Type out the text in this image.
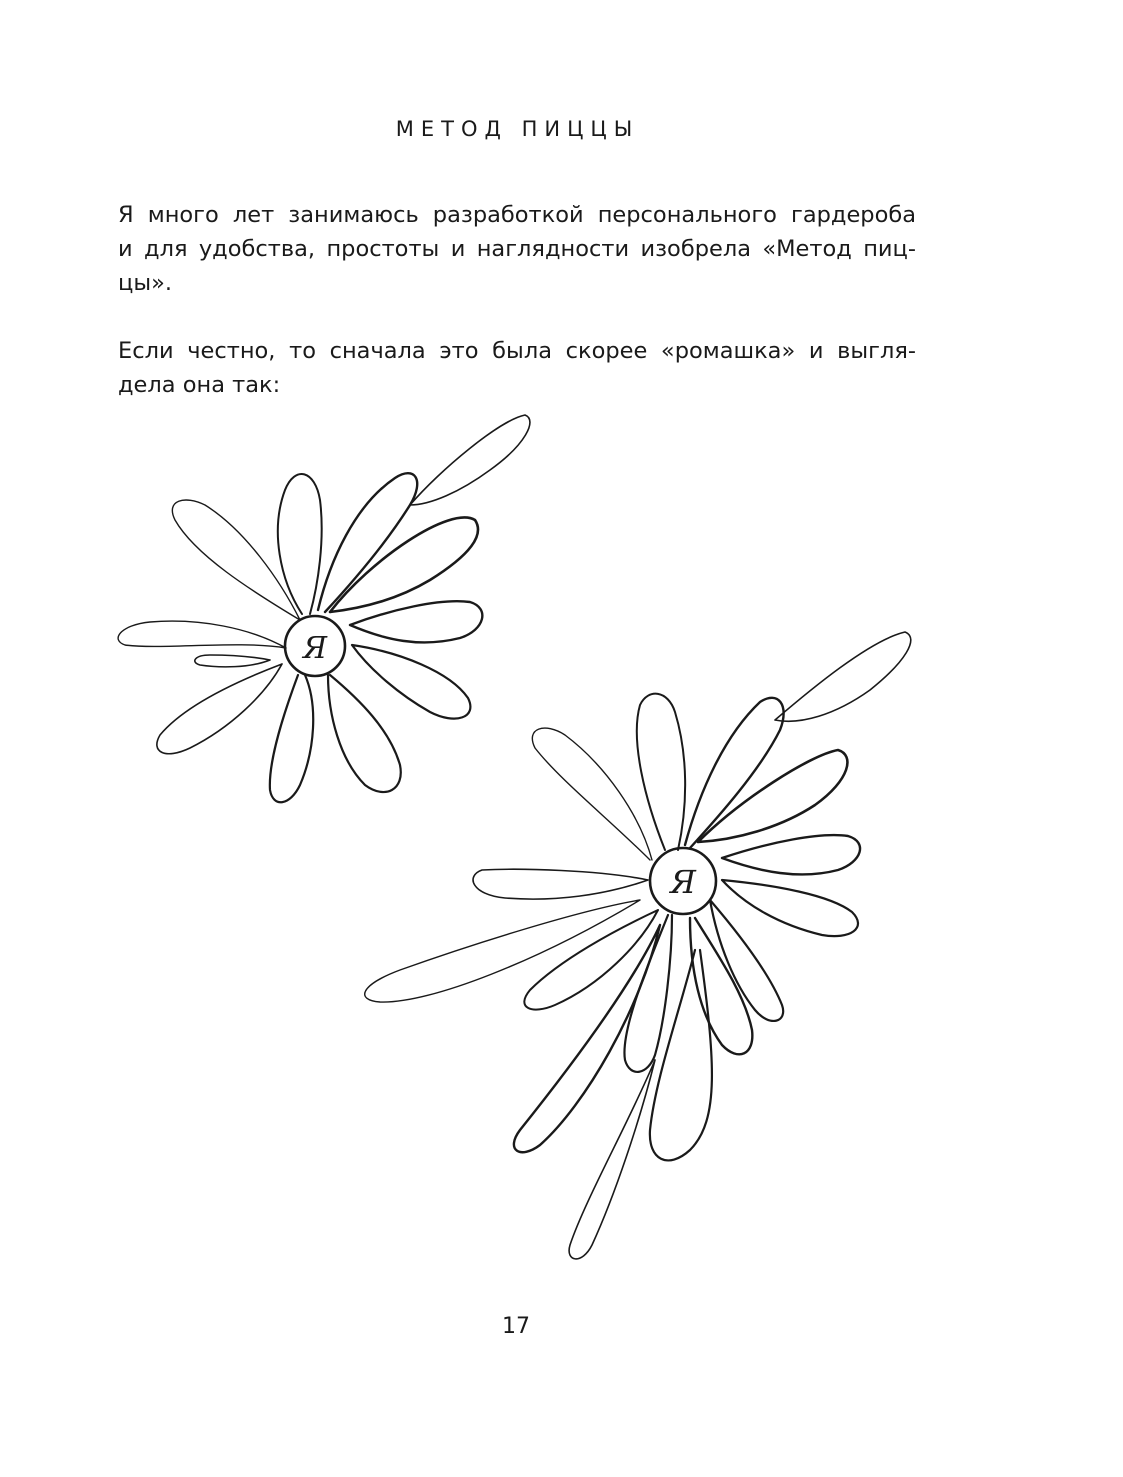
МЕТОД ПИЦЦЫ

Я много лет занимаюсь разработкой персонального гардероба
и для удобства, простоты и наглядности изобрела «Метод пиц-
цы».

Если честно, то сначала это была скорее «ромашка» и выгля-
дела она так:

Я
Я
17
